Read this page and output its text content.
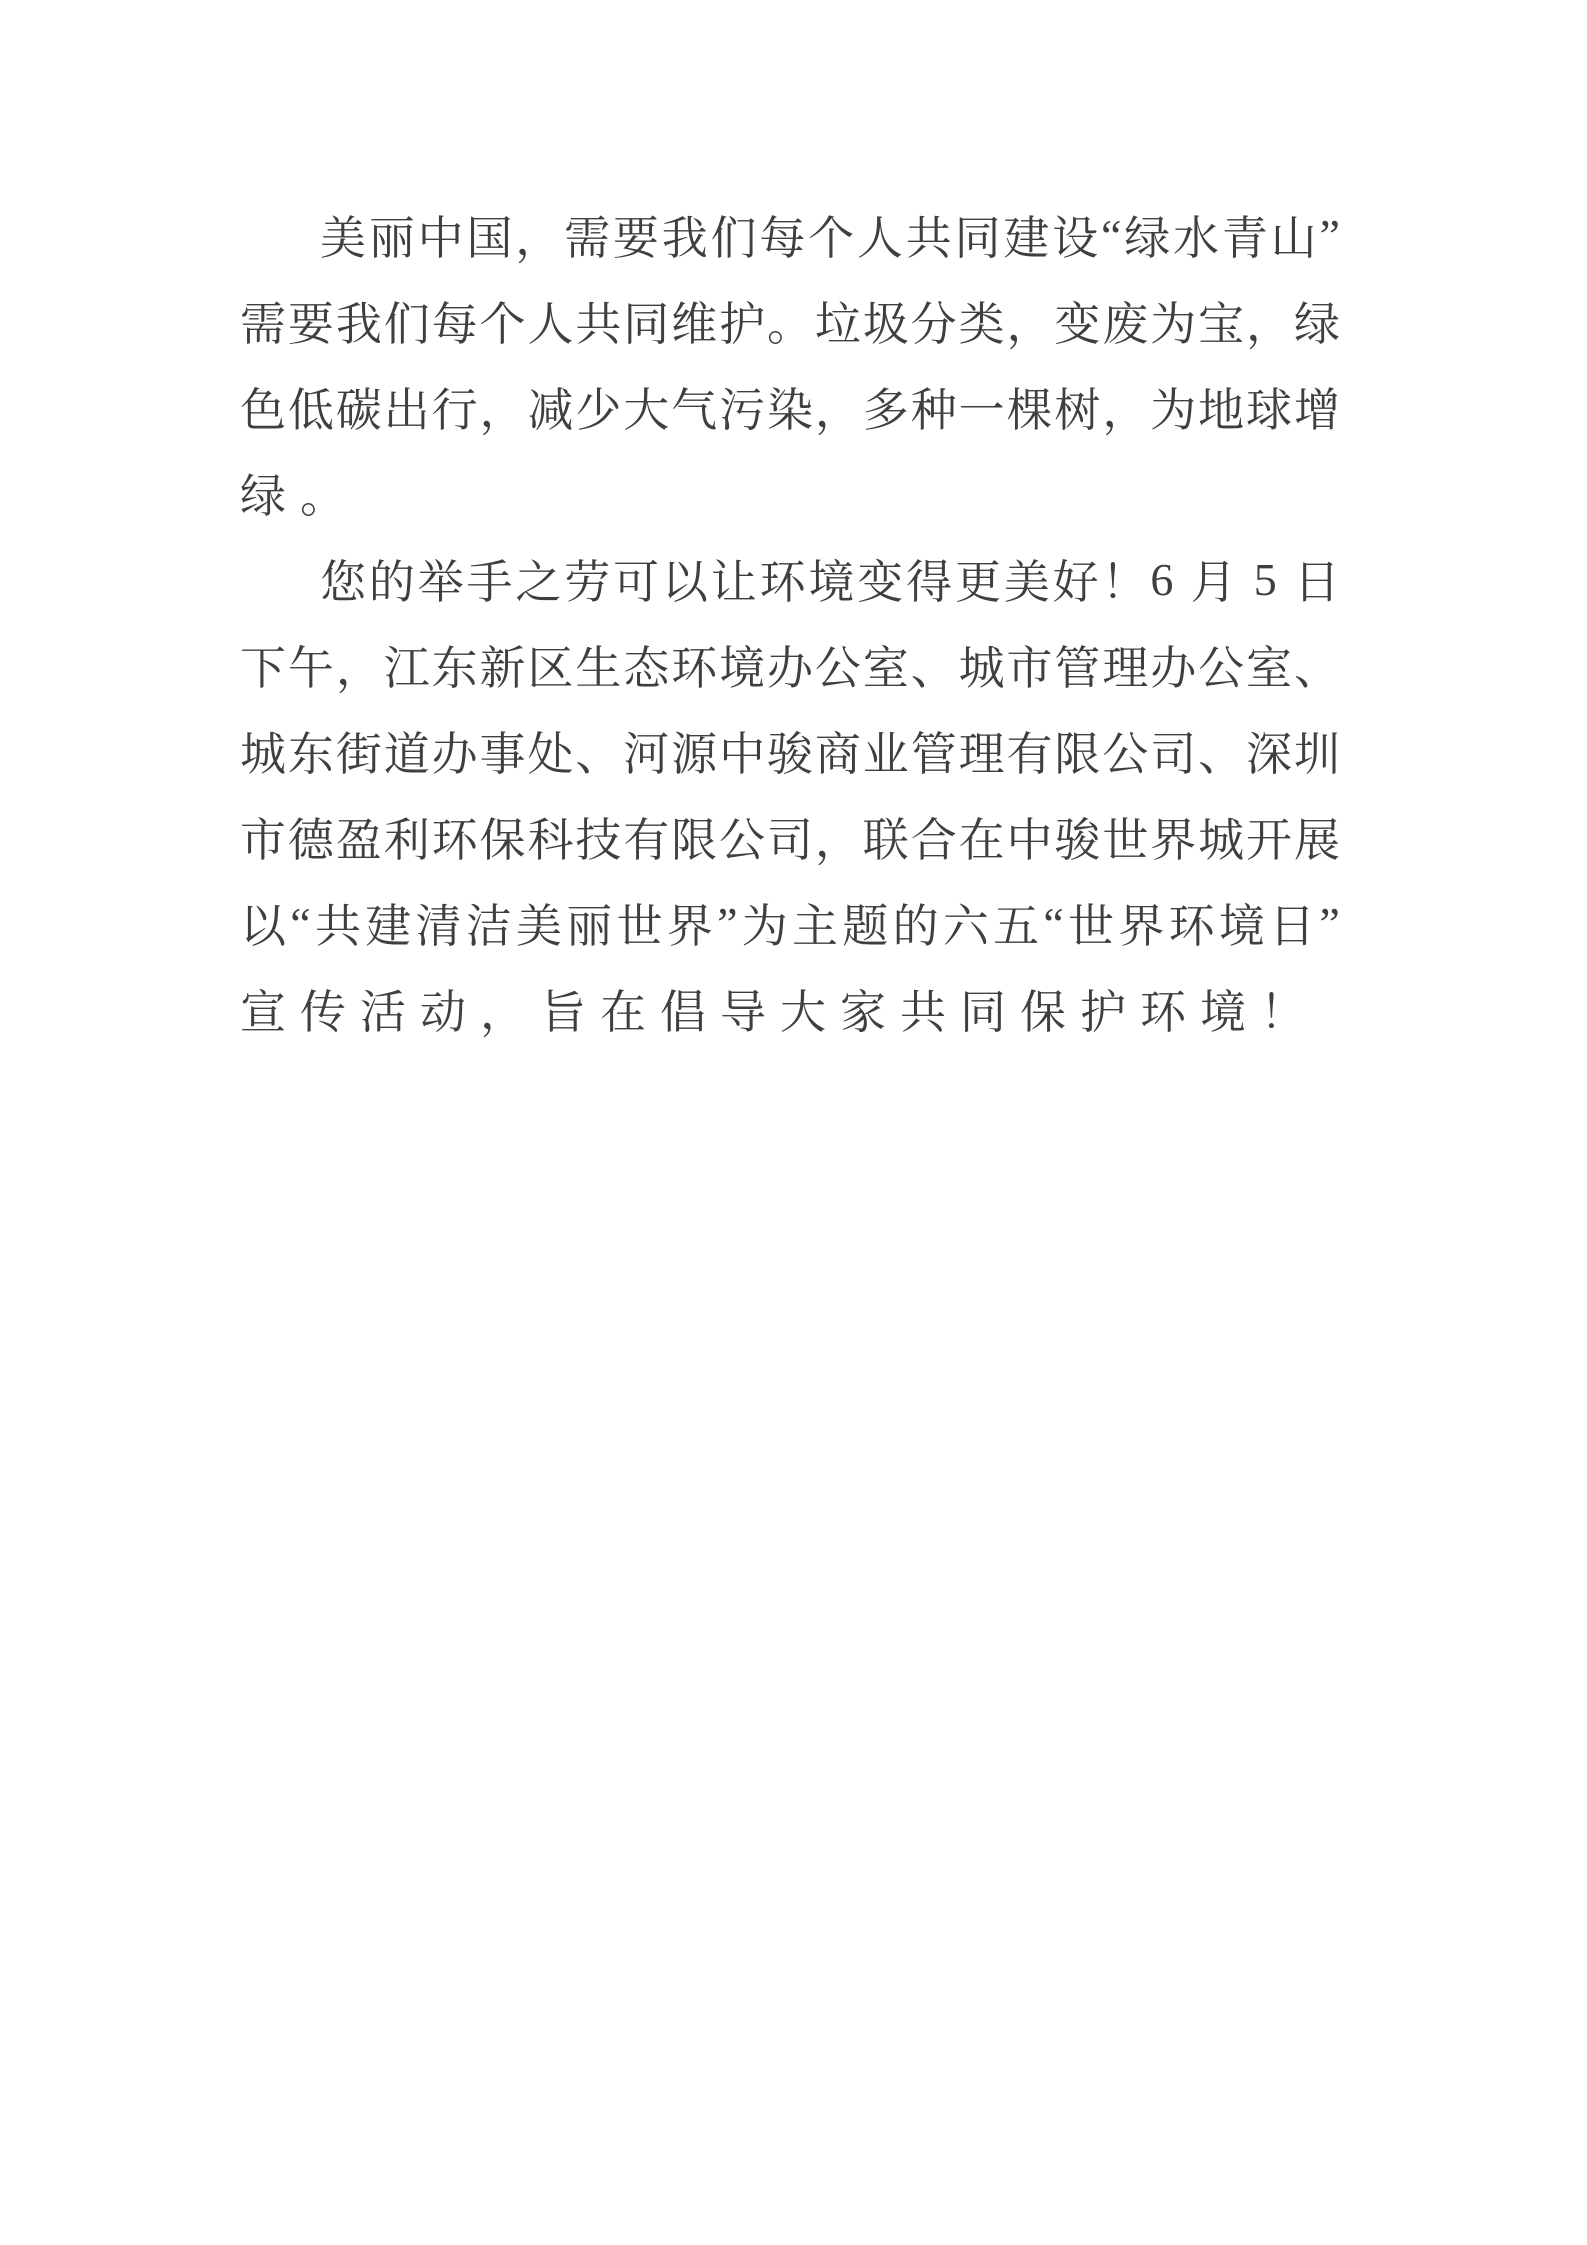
美 丽 中 国 ， 需 要 我 们 每 个 人 共 同 建 设 “ 绿 水 青 山 ”
需 要 我 们 每 个 人 共 同 维 护 。 垃 圾 分 类 ， 变 废 为 宝 ， 绿
色 低 碳 出 行 ， 减 少 大 气 污 染 ， 多 种 一 棵 树 ， 为 地 球 增
绿 。
您 的 举 手 之 劳 可 以 让 环 境 变 得 更 美 好 ！ 6
月
5
日
下 午 ， 江 东 新 区 生 态 环 境 办 公 室 、 城 市 管 理 办 公 室 、
城 东 街 道 办 事 处 、 河 源 中 骏 商 业 管 理 有 限 公 司 、 深 圳
市 德 盈 利 环 保 科 技 有 限 公 司 ， 联 合 在 中 骏 世 界 城 开 展
以 “ 共 建 清 洁 美 丽 世 界 ” 为 主 题 的 六 五 “ 世 界 环 境 日 ”
宣 传 活 动 ， 旨 在 倡 导 大 家 共 同 保 护 环 境 ！
